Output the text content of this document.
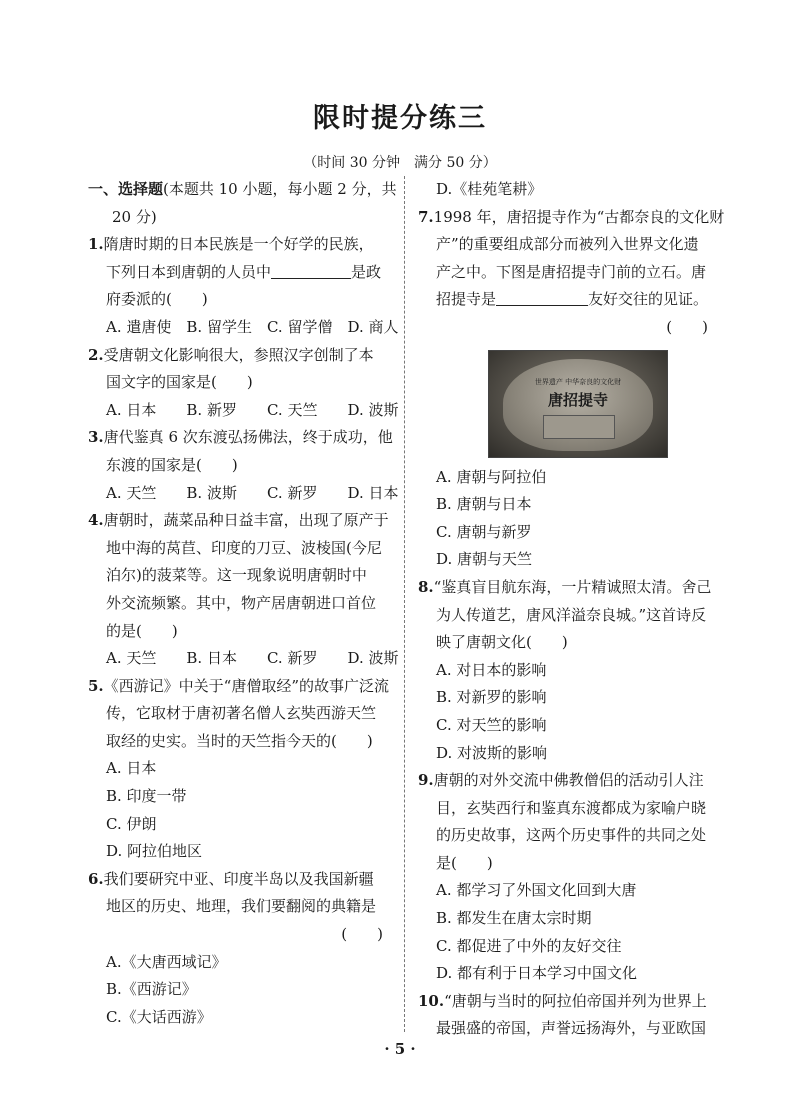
限时提分练三
（时间 30 分钟　满分 50 分）
一、选择题(本题共 10 小题，每小题 2 分，共
20 分)
1.隋唐时期的日本民族是一个好学的民族，
下列日本到唐朝的人员中	是政
府委派的(　　)
A. 遣唐使　 B. 留学生　 C. 留学僧　 D. 商人
2.受唐朝文化影响很大，参照汉字创制了本
国文字的国家是(　　)
A. 日本　　 B. 新罗　　 C. 天竺　　 D. 波斯
3.唐代鉴真 6 次东渡弘扬佛法，终于成功，他
东渡的国家是(　　)
A. 天竺　　 B. 波斯　　 C. 新罗　　 D. 日本
4.唐朝时，蔬菜品种日益丰富，出现了原产于
地中海的莴苣、印度的刀豆、波棱国(今尼
泊尔)的菠菜等。这一现象说明唐朝时中
外交流频繁。其中，物产居唐朝进口首位
的是(　　)
A. 天竺　　 B. 日本　　 C. 新罗　　 D. 波斯
5.《西游记》中关于“唐僧取经”的故事广泛流
传，它取材于唐初著名僧人玄奘西游天竺
取经的史实。当时的天竺指今天的(　　)
A. 日本
B. 印度一带
C. 伊朗
D. 阿拉伯地区
6.我们要研究中亚、印度半岛以及我国新疆
地区的历史、地理，我们要翻阅的典籍是
(　　)
A.《大唐西域记》
B.《西游记》
C.《大话西游》
D.《桂苑笔耕》
7.1998 年，唐招提寺作为“古都奈良的文化财
产”的重要组成部分而被列入世界文化遗
产之中。下图是唐招提寺门前的立石。唐
招提寺是	友好交往的见证。
(　　)
世界遗产 中华奈良的文化财
唐招提寺
A. 唐朝与阿拉伯
B. 唐朝与日本
C. 唐朝与新罗
D. 唐朝与天竺
8.“鉴真盲目航东海，一片精诚照太清。舍己
为人传道艺，唐风洋溢奈良城。”这首诗反
映了唐朝文化(　　)
A. 对日本的影响
B. 对新罗的影响
C. 对天竺的影响
D. 对波斯的影响
9.唐朝的对外交流中佛教僧侣的活动引人注
目，玄奘西行和鉴真东渡都成为家喻户晓
的历史故事，这两个历史事件的共同之处
是(　　)
A. 都学习了外国文化回到大唐
B. 都发生在唐太宗时期
C. 都促进了中外的友好交往
D. 都有利于日本学习中国文化
10.“唐朝与当时的阿拉伯帝国并列为世界上
最强盛的帝国，声誉远扬海外，与亚欧国
· 5 ·
